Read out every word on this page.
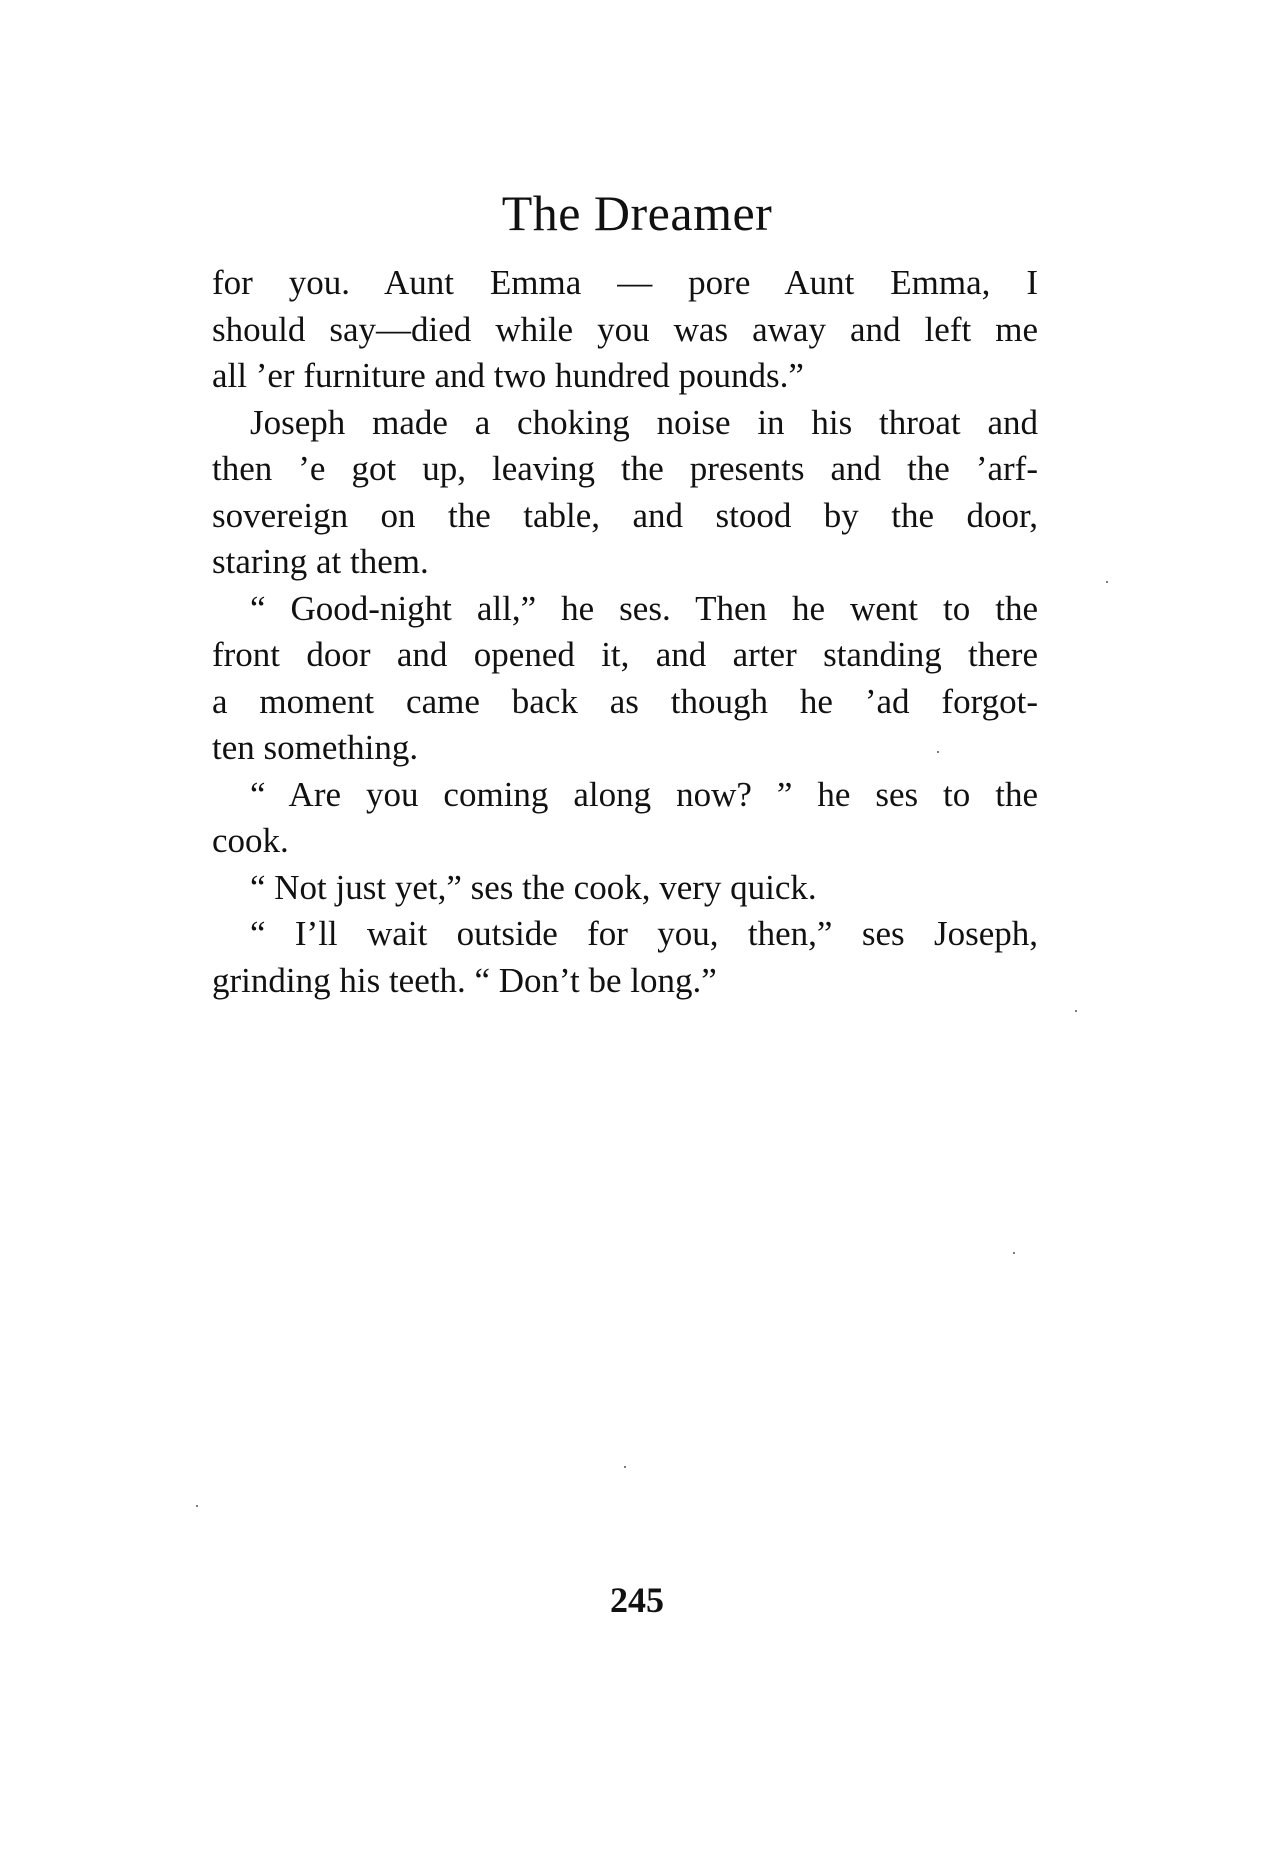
The Dreamer
for you. Aunt Emma — pore Aunt Emma, I
should say—died while you was away and left me
all ’er furniture and two hundred pounds.”
Joseph made a choking noise in his throat and
then ’e got up, leaving the presents and the ’arf-
sovereign on the table, and stood by the door,
staring at them.
“ Good-night all,” he ses. Then he went to the
front door and opened it, and arter standing there
a moment came back as though he ’ad forgot-
ten something.
“ Are you coming along now? ” he ses to the
cook.
“ Not just yet,” ses the cook, very quick.
“ I’ll wait outside for you, then,” ses Joseph,
grinding his teeth. “ Don’t be long.”
245
